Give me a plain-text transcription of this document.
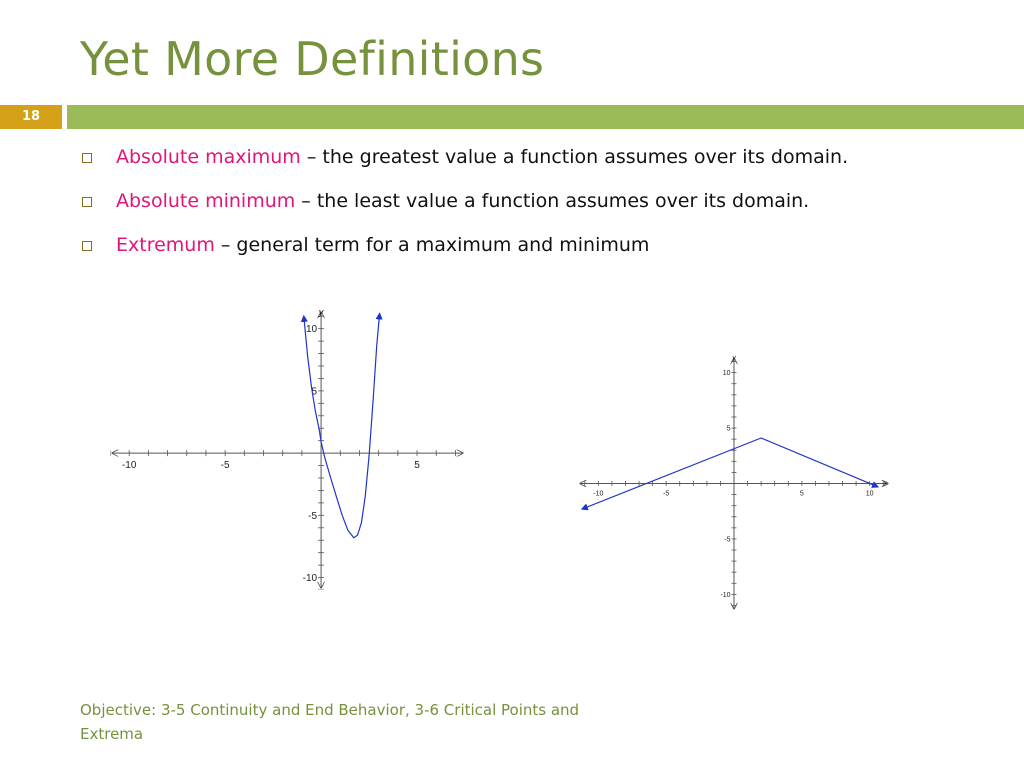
Yet More Definitions
18
Absolute maximum – the greatest value a function assumes over its domain.
Absolute minimum – the least value a function assumes over its domain.
Extremum – general term for a maximum and minimum
-10	-5	5
-10
-5
5
10
y
-10	-5	5	10
-10
-5
5
10
y
x
Objective: 3-5 Continuity and End Behavior, 3-6 Critical Points and Extrema
